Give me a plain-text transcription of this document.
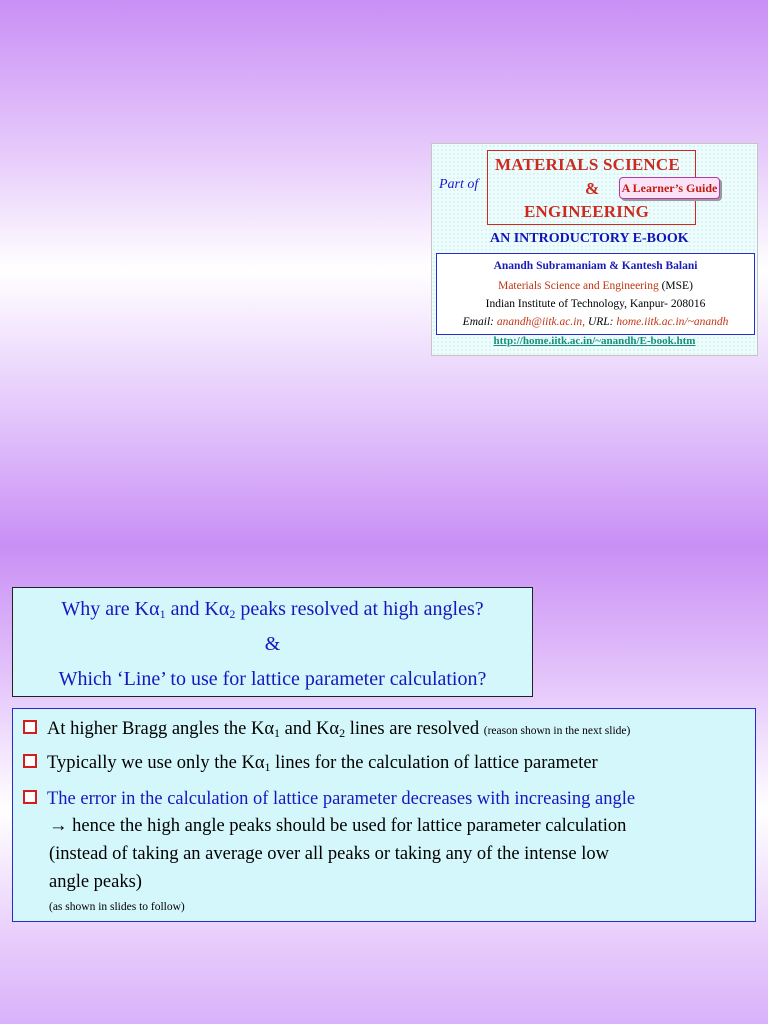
Part of
MATERIALS SCIENCE
&
ENGINEERING
A Learner’s Guide
AN INTRODUCTORY E-BOOK
Anandh Subramaniam & Kantesh Balani
Materials Science and Engineering (MSE)
Indian Institute of Technology, Kanpur- 208016
Email: anandh@iitk.ac.in, URL: home.iitk.ac.in/~anandh
http://home.iitk.ac.in/~anandh/E-book.htm
Why are $K\alpha_1$ and $K\alpha_2$ peaks resolved at high angles?
&
Which ‘Line’ to use for lattice parameter calculation?
At higher Bragg angles the $K\alpha_1$ and $K\alpha_2$ lines are resolved (reason shown in the next slide)
Typically we use only the $K\alpha_1$ lines for the calculation of lattice parameter
The error in the calculation of lattice parameter decreases with increasing angle
→ hence the high angle peaks should be used for lattice parameter calculation
(instead of taking an average over all peaks or taking any of the intense low
angle peaks)
(as shown in slides to follow)
